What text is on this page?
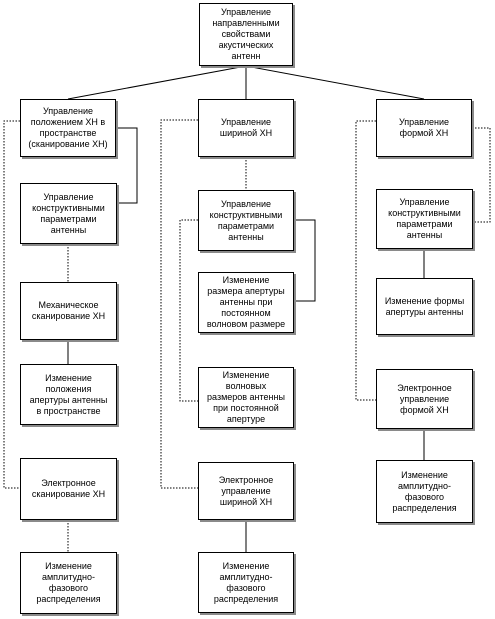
Управление
направленными
свойствами
акустических
антенн
Управление
положением ХН в
пространстве
(сканирование ХН)
Управление
конструктивными
параметрами
антенны
Механическое
сканирование ХН
Изменение
положения
апертуры антенны
в пространстве
Электронное
сканирование ХН
Изменение
амплитудно-
фазового
распределения
Управление
шириной ХН
Управление
конструктивными
параметрами
антенны
Изменение
размера апертуры
антенны при
постоянном
волновом размере
Изменение
волновых
размеров антенны
при постоянной
апертуре
Электронное
управление
шириной ХН
Изменение
амплитудно-
фазового
распределения
Управление
формой ХН
Управление
конструктивными
параметрами
антенны
Изменение формы
апертуры антенны
Электронное
управление
формой ХН
Изменение
амплитудно-
фазового
распределения
